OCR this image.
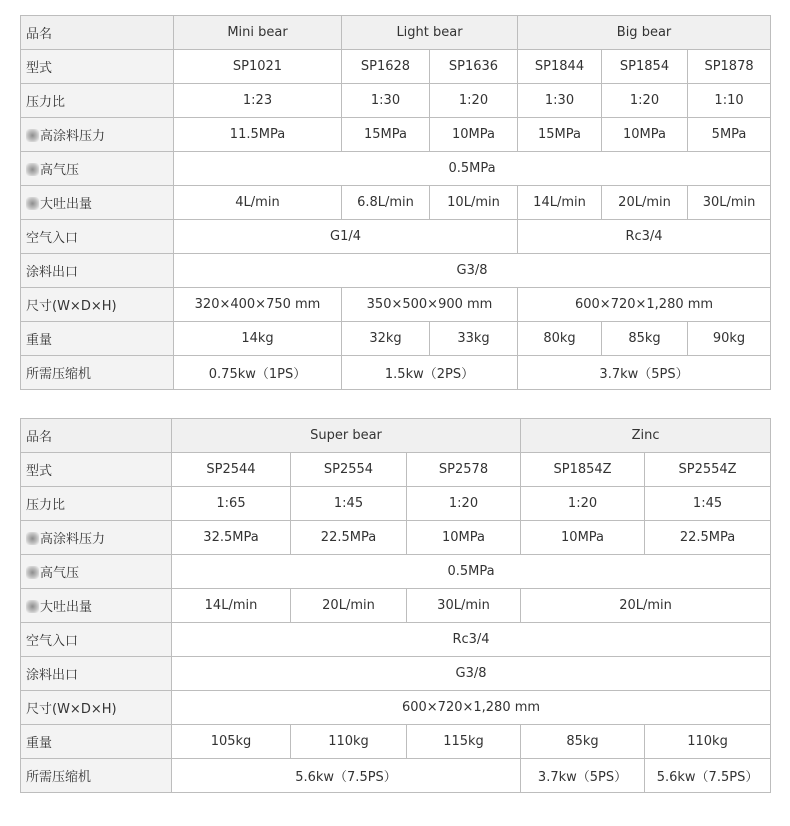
品名	Mini bear	Light bear		Big bear		
型式	SP1021	SP1628	SP1636	SP1844	SP1854	SP1878
压力比	1:23	1:30	1:20	1:30	1:20	1:10
高涂料压力	11.5MPa	15MPa	10MPa	15MPa	10MPa	5MPa
高气压	0.5MPa					
大吐出量	4L/min	6.8L/min	10L/min	14L/min	20L/min	30L/min
空气入口	G1/4			Rc3/4		
涂料出口	G3/8					
尺寸(W×D×H)	320×400×750 mm	350×500×900 mm		600×720×1,280 mm		
重量	14kg	32kg	33kg	80kg	85kg	90kg
所需压缩机	0.75kw（1PS）	1.5kw（2PS）		3.7kw（5PS）		
品名	Super bear			Zinc	
型式	SP2544	SP2554	SP2578	SP1854Z	SP2554Z
压力比	1:65	1:45	1:20	1:20	1:45
高涂料压力	32.5MPa	22.5MPa	10MPa	10MPa	22.5MPa
高气压	0.5MPa				
大吐出量	14L/min	20L/min	30L/min	20L/min	
空气入口	Rc3/4				
涂料出口	G3/8				
尺寸(W×D×H)	600×720×1,280 mm				
重量	105kg	110kg	115kg	85kg	110kg
所需压缩机	5.6kw（7.5PS）			3.7kw（5PS）	5.6kw（7.5PS）
